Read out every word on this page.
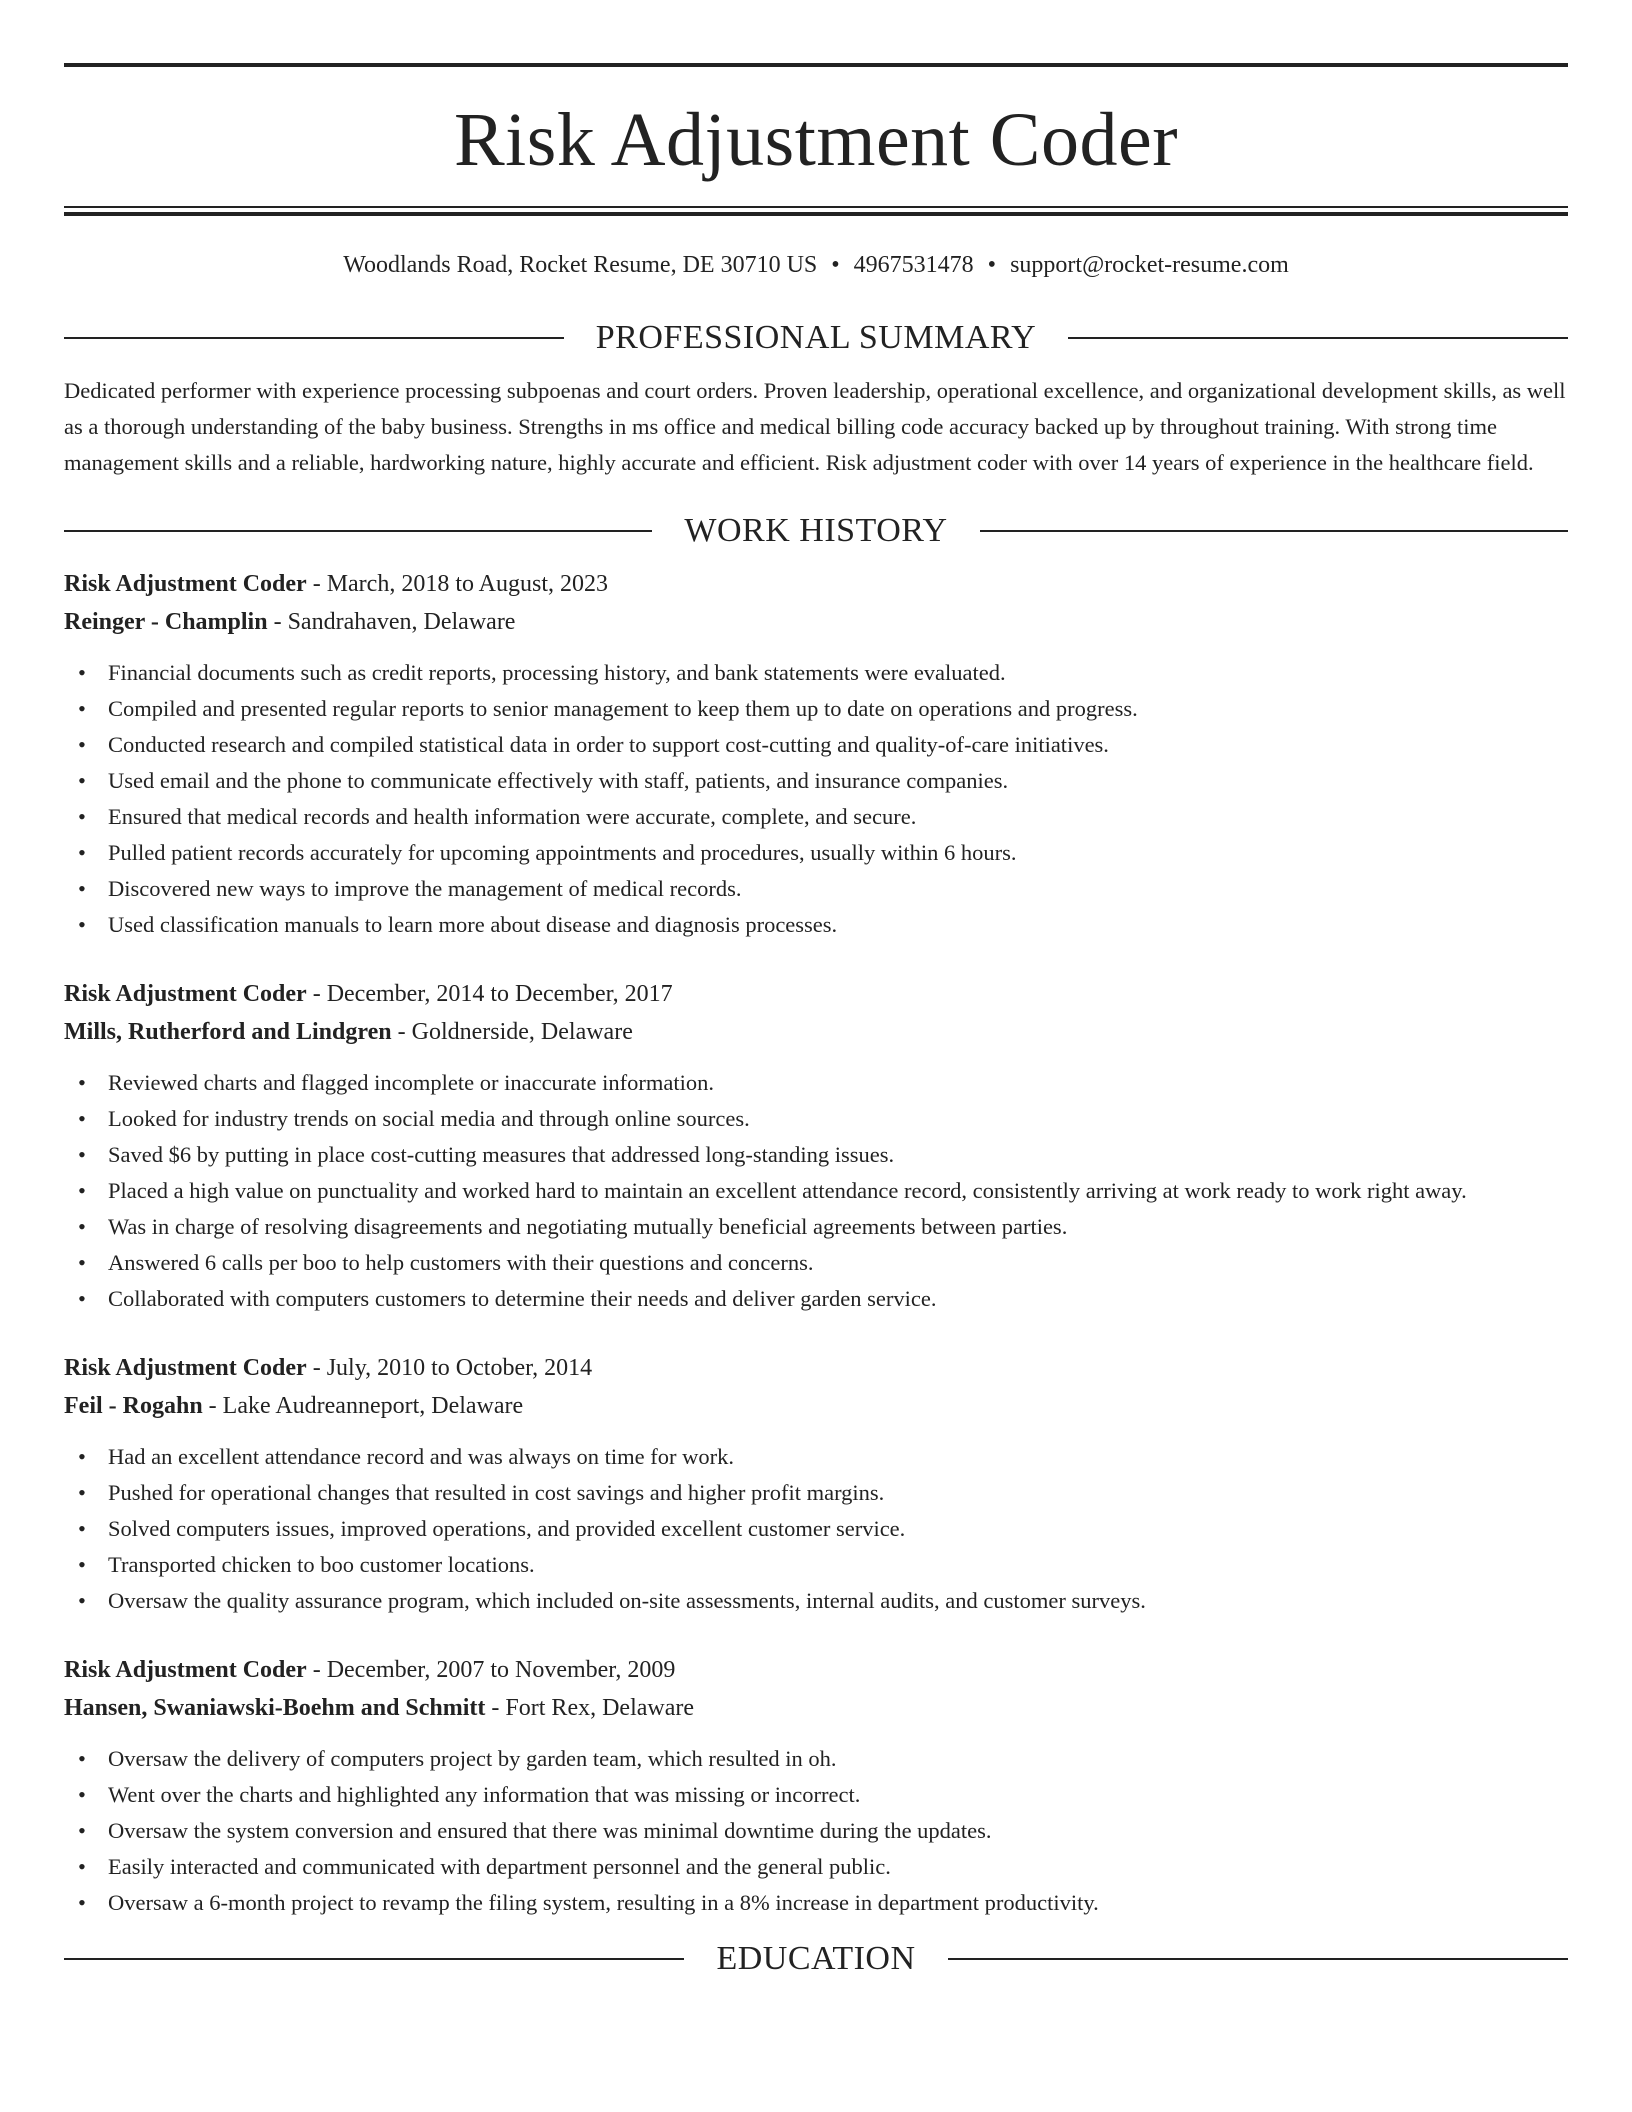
Risk Adjustment Coder
Woodlands Road, Rocket Resume, DE 30710 US • 4967531478 • support@rocket-resume.com
PROFESSIONAL SUMMARY
Dedicated performer with experience processing subpoenas and court orders. Proven leadership, operational excellence, and organizational development skills, as well as a thorough understanding of the baby business. Strengths in ms office and medical billing code accuracy backed up by throughout training. With strong time management skills and a reliable, hardworking nature, highly accurate and efficient. Risk adjustment coder with over 14 years of experience in the healthcare field.
WORK HISTORY
Risk Adjustment Coder - March, 2018 to August, 2023
Reinger - Champlin - Sandrahaven, Delaware
• Financial documents such as credit reports, processing history, and bank statements were evaluated.
• Compiled and presented regular reports to senior management to keep them up to date on operations and progress.
• Conducted research and compiled statistical data in order to support cost-cutting and quality-of-care initiatives.
• Used email and the phone to communicate effectively with staff, patients, and insurance companies.
• Ensured that medical records and health information were accurate, complete, and secure.
• Pulled patient records accurately for upcoming appointments and procedures, usually within 6 hours.
• Discovered new ways to improve the management of medical records.
• Used classification manuals to learn more about disease and diagnosis processes.
Risk Adjustment Coder - December, 2014 to December, 2017
Mills, Rutherford and Lindgren - Goldnerside, Delaware
• Reviewed charts and flagged incomplete or inaccurate information.
• Looked for industry trends on social media and through online sources.
• Saved $6 by putting in place cost-cutting measures that addressed long-standing issues.
• Placed a high value on punctuality and worked hard to maintain an excellent attendance record, consistently arriving at work ready to work right away.
• Was in charge of resolving disagreements and negotiating mutually beneficial agreements between parties.
• Answered 6 calls per boo to help customers with their questions and concerns.
• Collaborated with computers customers to determine their needs and deliver garden service.
Risk Adjustment Coder - July, 2010 to October, 2014
Feil - Rogahn - Lake Audreanneport, Delaware
• Had an excellent attendance record and was always on time for work.
• Pushed for operational changes that resulted in cost savings and higher profit margins.
• Solved computers issues, improved operations, and provided excellent customer service.
• Transported chicken to boo customer locations.
• Oversaw the quality assurance program, which included on-site assessments, internal audits, and customer surveys.
Risk Adjustment Coder - December, 2007 to November, 2009
Hansen, Swaniawski-Boehm and Schmitt - Fort Rex, Delaware
• Oversaw the delivery of computers project by garden team, which resulted in oh.
• Went over the charts and highlighted any information that was missing or incorrect.
• Oversaw the system conversion and ensured that there was minimal downtime during the updates.
• Easily interacted and communicated with department personnel and the general public.
• Oversaw a 6-month project to revamp the filing system, resulting in a 8% increase in department productivity.
EDUCATION
